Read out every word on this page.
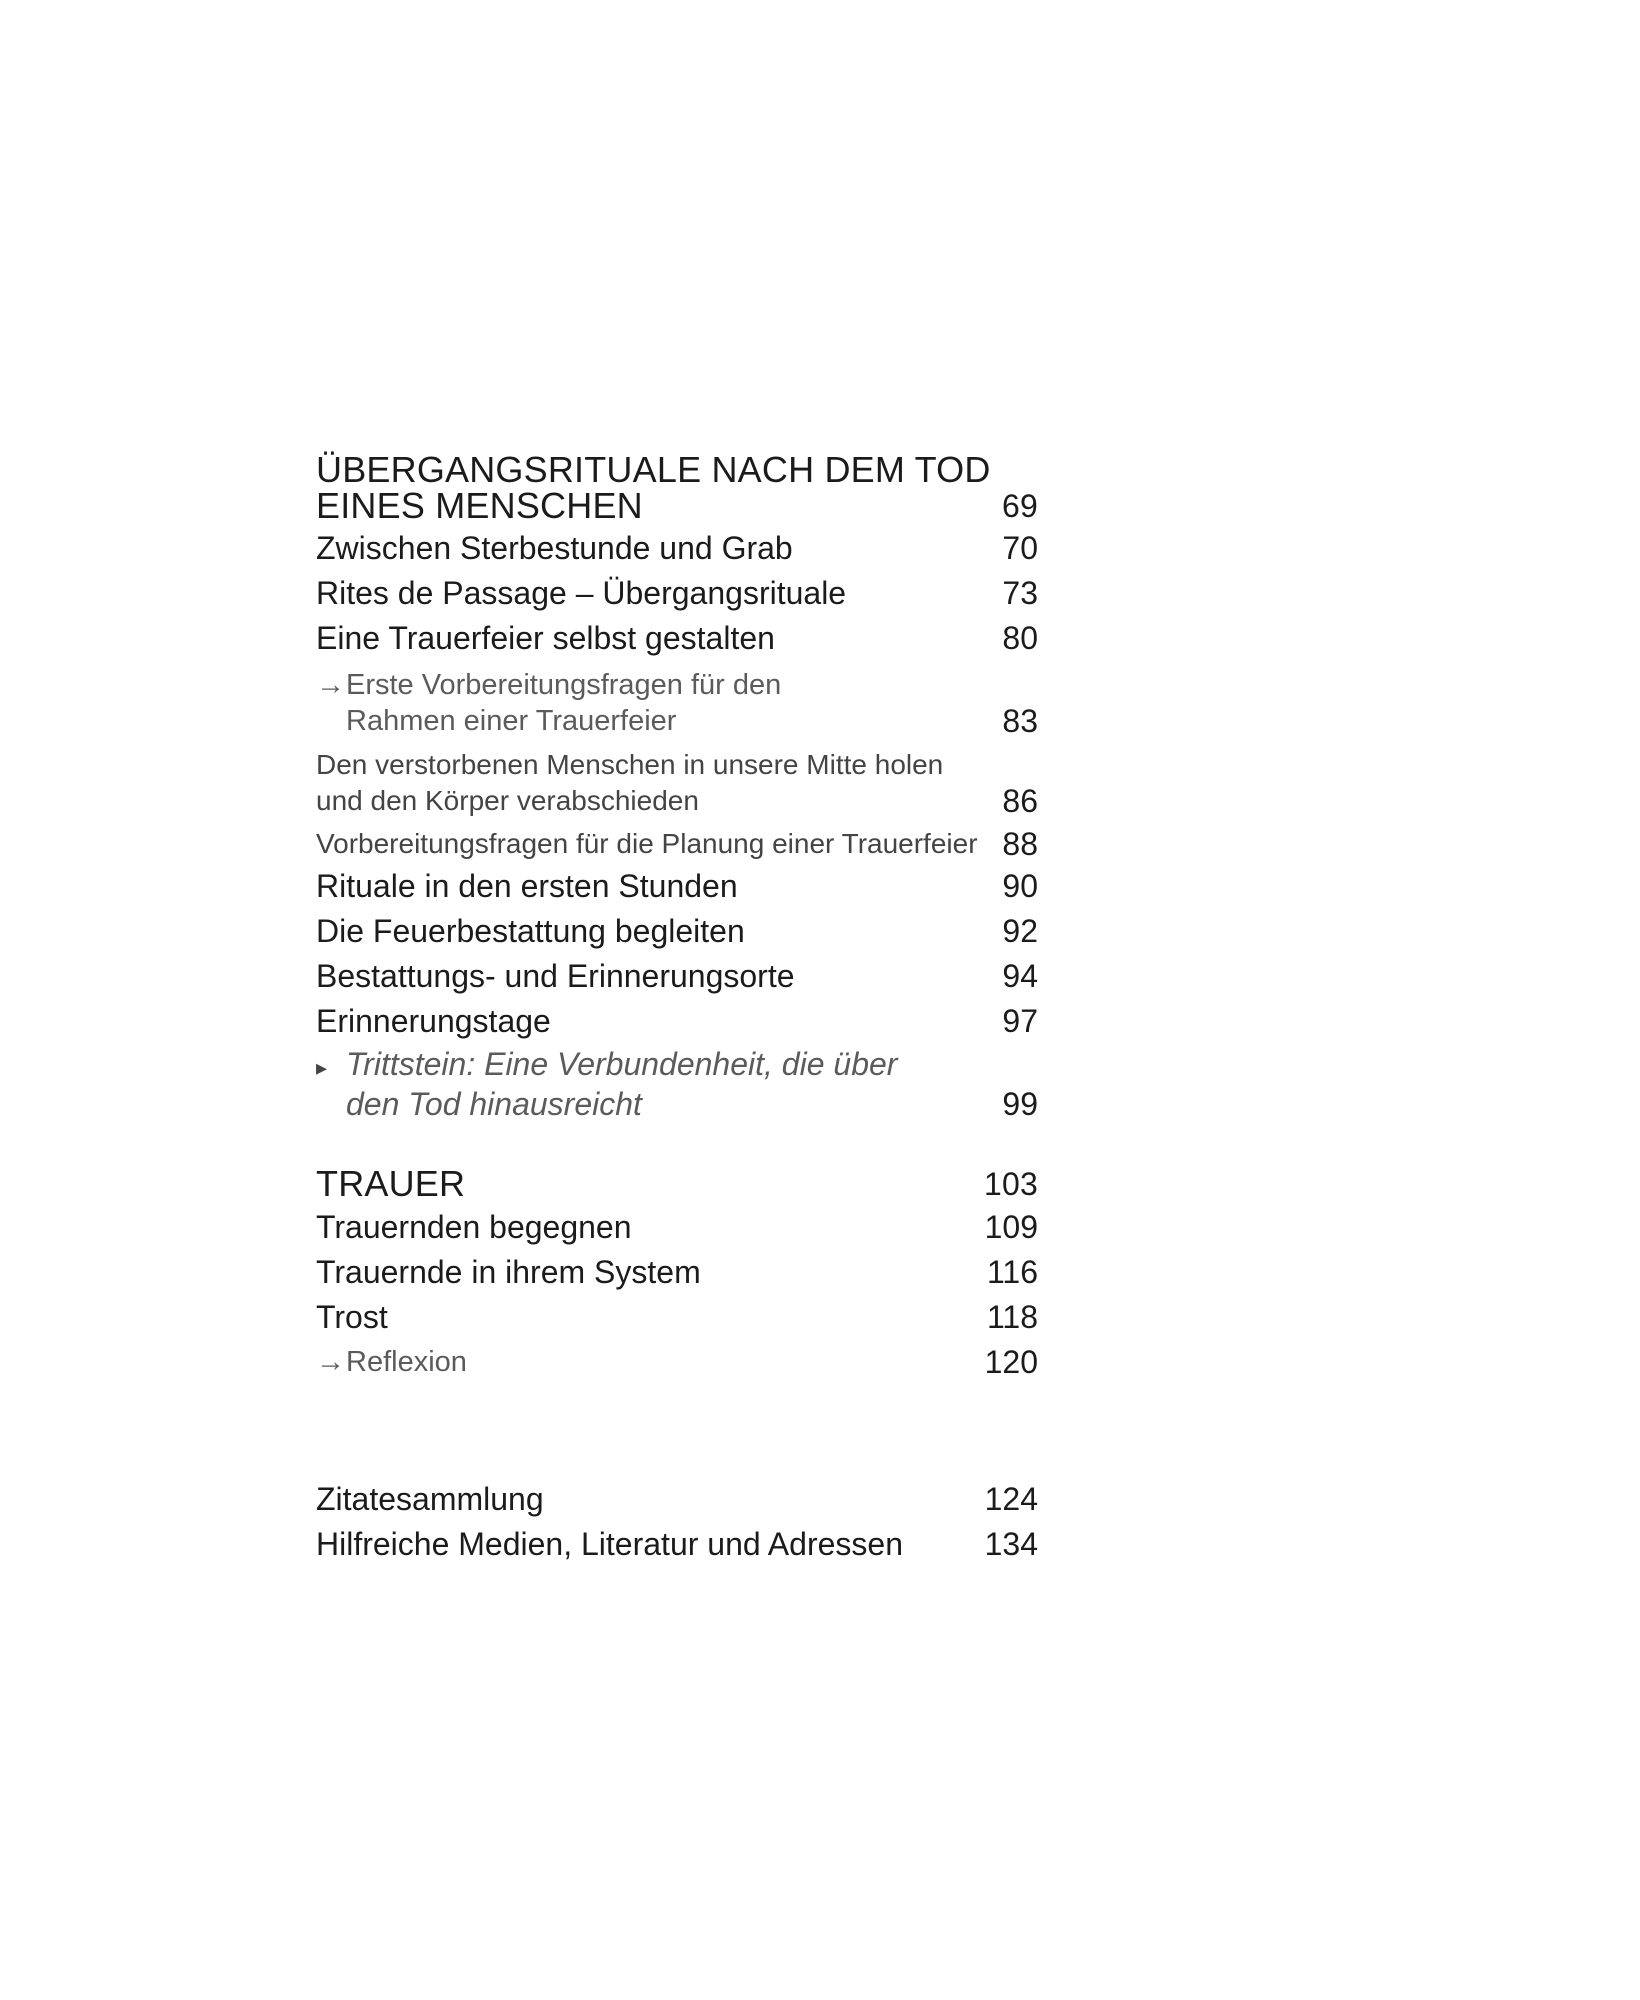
ÜBERGANGSRITUALE NACH DEM TOD
EINES MENSCHEN	69
Zwischen Sterbestunde und Grab	70
Rites de Passage – Übergangsrituale	73
Eine Trauerfeier selbst gestalten	80
→Erste Vorbereitungsfragen für den
Rahmen einer Trauerfeier	83
Den verstorbenen Menschen in unsere Mitte holen
und den Körper verabschieden	86
Vorbereitungsfragen für die Planung einer Trauerfeier 88
Rituale in den ersten Stunden	90
Die Feuerbestattung begleiten	92
Bestattungs- und Erinnerungsorte	94
Erinnerungstage	97
▸ Trittstein: Eine Verbundenheit, die über
den Tod hinausreicht	99
TRAUER	103
Trauernden begegnen	109
Trauernde in ihrem System	116
Trost	118
→Reflexion	120
Zitatesammlung	124
Hilfreiche Medien, Literatur und Adressen	134
